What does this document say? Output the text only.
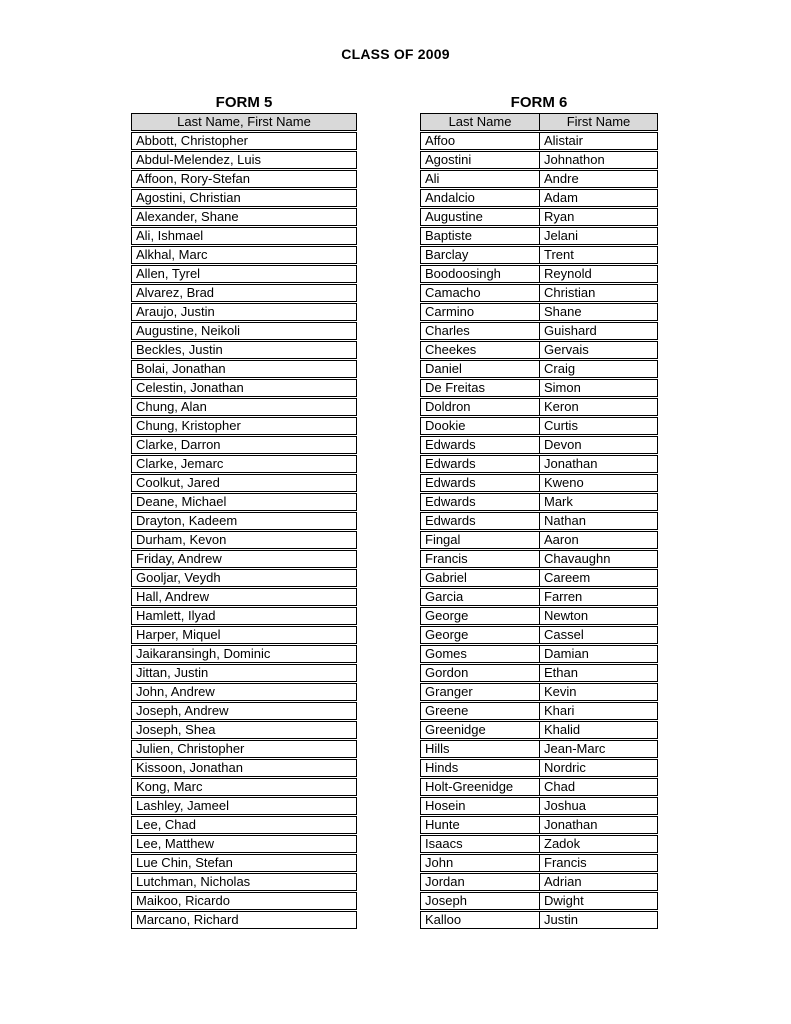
CLASS OF 2009
FORM 5
Last Name, First Name
Abbott, Christopher
Abdul-Melendez, Luis
Affoon, Rory-Stefan
Agostini, Christian
Alexander, Shane
Ali, Ishmael
Alkhal, Marc
Allen, Tyrel
Alvarez, Brad
Araujo, Justin
Augustine, Neikoli
Beckles, Justin
Bolai, Jonathan
Celestin, Jonathan
Chung, Alan
Chung, Kristopher
Clarke, Darron
Clarke, Jemarc
Coolkut, Jared
Deane, Michael
Drayton, Kadeem
Durham, Kevon
Friday, Andrew
Gooljar, Veydh
Hall, Andrew
Hamlett, Ilyad
Harper, Miquel
Jaikaransingh, Dominic
Jittan, Justin
John, Andrew
Joseph, Andrew
Joseph, Shea
Julien, Christopher
Kissoon, Jonathan
Kong, Marc
Lashley, Jameel
Lee, Chad
Lee, Matthew
Lue Chin, Stefan
Lutchman, Nicholas
Maikoo, Ricardo
Marcano, Richard
FORM 6
Last Name	First Name
Affoo	Alistair
Agostini	Johnathon
Ali	Andre
Andalcio	Adam
Augustine	Ryan
Baptiste	Jelani
Barclay	Trent
Boodoosingh	Reynold
Camacho	Christian
Carmino	Shane
Charles	Guishard
Cheekes	Gervais
Daniel	Craig
De Freitas	Simon
Doldron	Keron
Dookie	Curtis
Edwards	Devon
Edwards	Jonathan
Edwards	Kweno
Edwards	Mark
Edwards	Nathan
Fingal	Aaron
Francis	Chavaughn
Gabriel	Careem
Garcia	Farren
George	Newton
George	Cassel
Gomes	Damian
Gordon	Ethan
Granger	Kevin
Greene	Khari
Greenidge	Khalid
Hills	Jean-Marc
Hinds	Nordric
Holt-Greenidge	Chad
Hosein	Joshua
Hunte	Jonathan
Isaacs	Zadok
John	Francis
Jordan	Adrian
Joseph	Dwight
Kalloo	Justin
